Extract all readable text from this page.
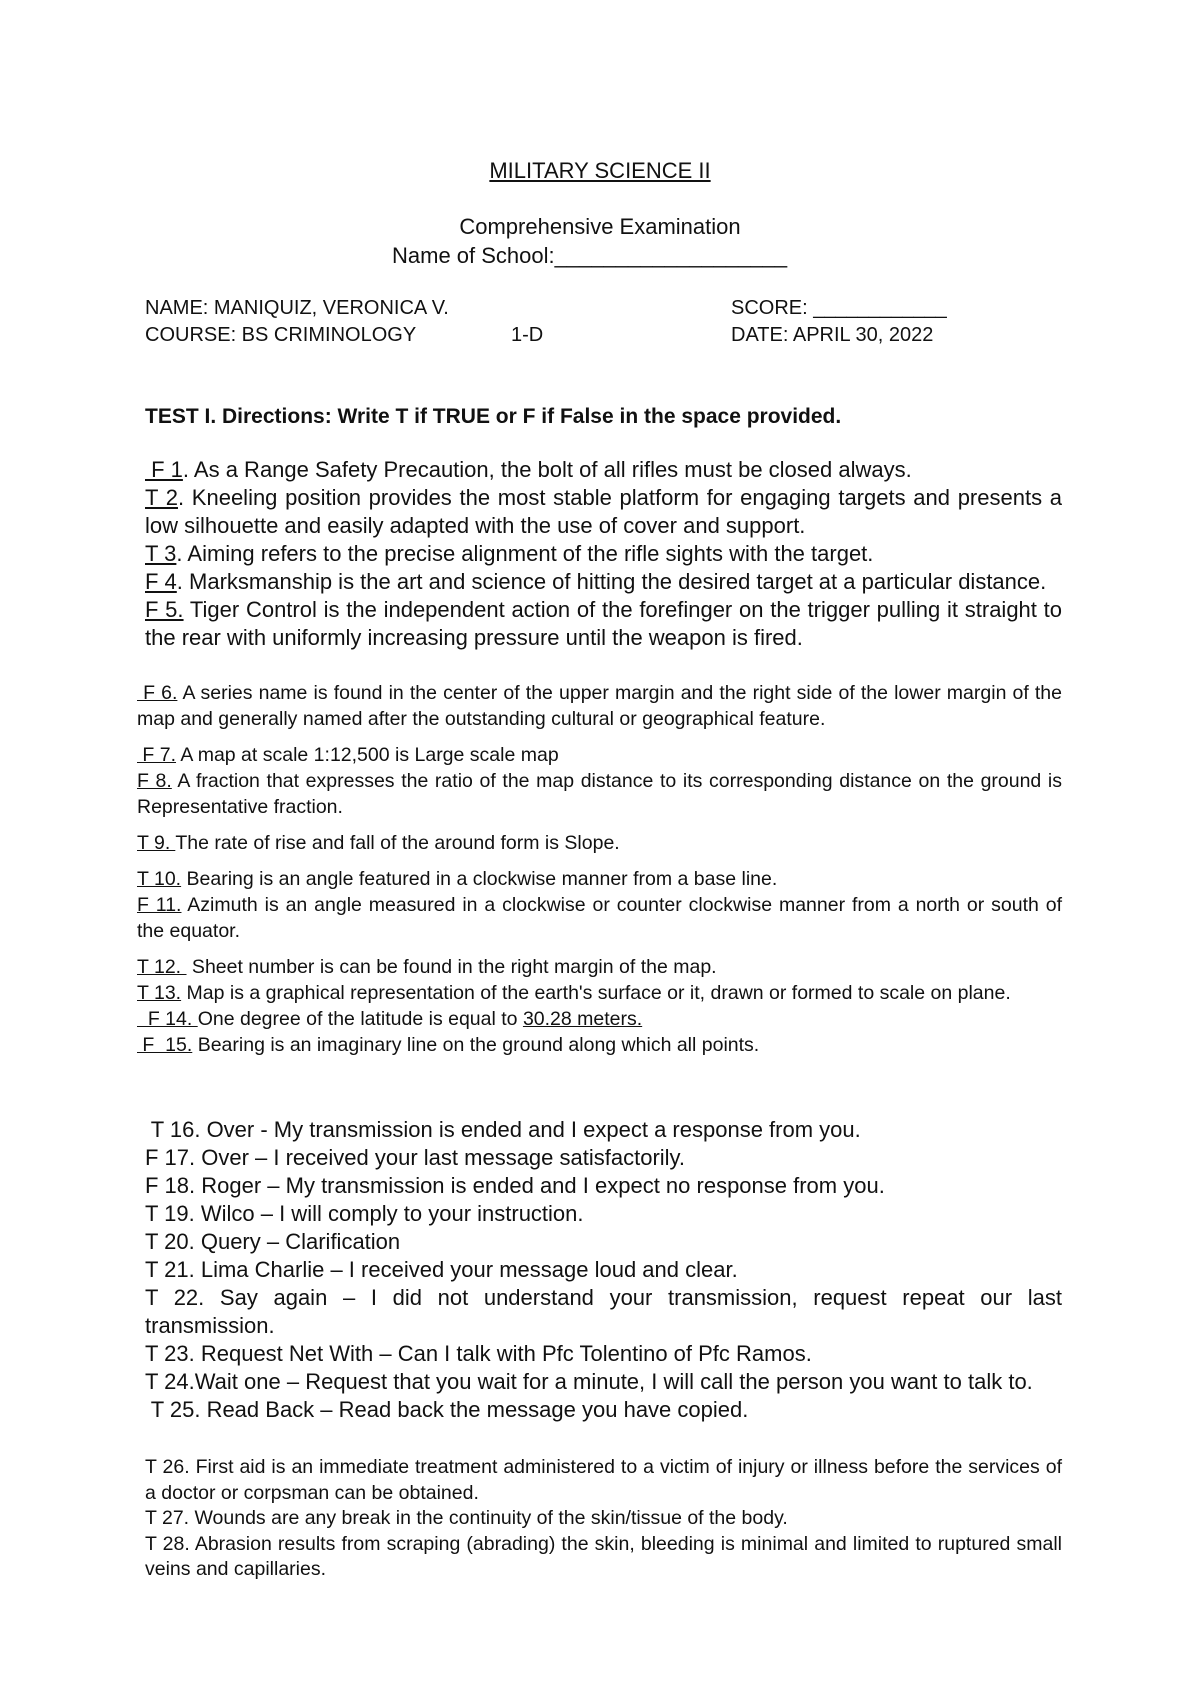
MILITARY SCIENCE II
Comprehensive Examination
Name of School:___________________
NAME: MANIQUIZ, VERONICA V.	SCORE: ____________
COURSE: BS CRIMINOLOGY	1-D	DATE: APRIL 30, 2022
TEST I. Directions: Write T if TRUE or F if False in the space provided.

F 1. As a Range Safety Precaution, the bolt of all rifles must be closed always.

T 2. Kneeling position provides the most stable platform for engaging targets and presents a low silhouette and easily adapted with the use of cover and support.

T 3. Aiming refers to the precise alignment of the rifle sights with the target.

F 4. Marksmanship is the art and science of hitting the desired target at a particular distance.

F 5. Tiger Control is the independent action of the forefinger on the trigger pulling it straight to the rear with uniformly increasing pressure until the weapon is fired.

F 6. A series name is found in the center of the upper margin and the right side of the lower margin of the map and generally named after the outstanding cultural or geographical feature.

F 7. A map at scale 1:12,500 is Large scale map

F 8. A fraction that expresses the ratio of the map distance to its corresponding distance on the ground is Representative fraction.

T 9. The rate of rise and fall of the around form is Slope.

T 10. Bearing is an angle featured in a clockwise manner from a base line.

F 11. Azimuth is an angle measured in a clockwise or counter clockwise manner from a north or south of the equator.

T 12.  Sheet number is can be found in the right margin of the map.

T 13. Map is a graphical representation of the earth's surface or it, drawn or formed to scale on plane.

F 14. One degree of the latitude is equal to 30.28 meters.

F  15. Bearing is an imaginary line on the ground along which all points.

T 16. Over - My transmission is ended and I expect a response from you.

F 17. Over – I received your last message satisfactorily.

F 18. Roger – My transmission is ended and I expect no response from you.

T 19. Wilco – I will comply to your instruction.

T 20. Query – Clarification

T 21. Lima Charlie – I received your message loud and clear.

T 22. Say again – I did not understand your transmission, request repeat our last transmission.

T 23. Request Net With – Can I talk with Pfc Tolentino of Pfc Ramos.

T 24.Wait one – Request that you wait for a minute, I will call the person you want to talk to.

T 25. Read Back – Read back the message you have copied.

T 26. First aid is an immediate treatment administered to a victim of injury or illness before the services of a doctor or corpsman can be obtained.

T 27. Wounds are any break in the continuity of the skin/tissue of the body.

T 28. Abrasion results from scraping (abrading) the skin, bleeding is minimal and limited to ruptured small veins and capillaries.
